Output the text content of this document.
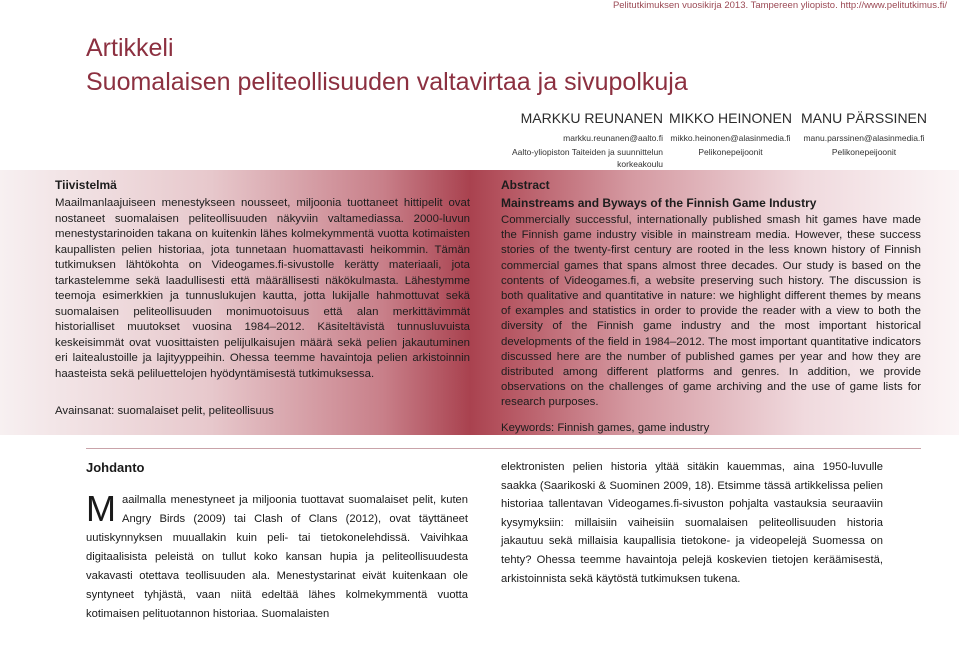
Pelitutkimuksen vuosikirja 2013. Tampereen yliopisto. http://www.pelitutkimus.fi/
Artikkeli
Suomalaisen peliteollisuuden valtavirtaa ja sivupolkuja
MARKKU REUNANEN
markku.reunanen@aalto.fi
Aalto-yliopiston Taiteiden ja suunnittelun korkeakoulu
MIKKO HEINONEN
mikko.heinonen@alasinmedia.fi
Pelikonepeijoonit
MANU PÄRSSINEN
manu.parssinen@alasinmedia.fi
Pelikonepeijoonit
Tiivistelmä
Maailmanlaajuiseen menestykseen nousseet, miljoonia tuottaneet hittipelit ovat nostaneet suomalaisen peliteollisuuden näkyviin valtamediassa. 2000-luvun menestystarinoiden takana on kuitenkin lähes kolmekymmentä vuotta kotimaisten kaupallisten pelien historiaa, jota tunnetaan huomattavasti heikommin. Tämän tutkimuksen lähtökohta on Videogames.fi-sivustolle kerätty materiaali, jota tarkastelemme sekä laadullisesti että määrällisesti näkökulmasta. Lähestymme teemoja esimerkkien ja tunnuslukujen kautta, jotta lukijalle hahmottuvat sekä suomalaisen peliteollisuuden monimuotoisuus että alan merkittävimmät historialliset muutokset vuosina 1984–2012. Käsiteltävistä tunnusluvuista keskeisimmät ovat vuosittaisten pelijulkaisujen määrä sekä pelien jakautuminen eri laitealustoille ja lajityyppeihin. Ohessa teemme havaintoja pelien arkistoinnin haasteista sekä peliluettelojen hyödyntämisestä tutkimuksessa.
Avainsanat: suomalaiset pelit, peliteollisuus
Abstract
Mainstreams and Byways of the Finnish Game Industry
Commercially successful, internationally published smash hit games have made the Finnish game industry visible in mainstream media. However, these success stories of the twenty-first century are rooted in the less known history of Finnish commercial games that spans almost three decades. Our study is based on the contents of Videogames.fi, a website preserving such history. The discussion is both qualitative and quantitative in nature: we highlight different themes by means of examples and statistics in order to provide the reader with a view to both the diversity of the Finnish game industry and the most important historical developments of the field in 1984–2012. The most important quantitative indicators discussed here are the number of published games per year and how they are distributed among different platforms and genres. In addition, we provide observations on the challenges of game archiving and the use of game lists for research purposes.
Keywords: Finnish games, game industry
Johdanto

Maailmalla menestyneet ja miljoonia tuottavat suomalaiset pelit, kuten Angry Birds (2009) tai Clash of Clans (2012), ovat täyttäneet uutiskynnyksen muuallakin kuin peli- tai tietokonelehdissä. Vaivihkaa digitaalisista peleistä on tullut koko kansan hupia ja peliteollisuudesta vakavasti otettava teollisuuden ala. Menestystarinat eivät kuitenkaan ole syntyneet tyhjästä, vaan niitä edeltää lähes kolmekymmentä vuotta kotimaisen pelituotannon historiaa. Suomalaisten

elektronisten pelien historia yltää sitäkin kauemmas, aina 1950-luvulle saakka (Saarikoski & Suominen 2009, 18). Etsimme tässä artikkelissa pelien historiaa tallentavan Videogames.fi-sivuston pohjalta vastauksia seuraaviin kysymyksiin: millaisiin vaiheisiin suomalaisen peliteollisuuden historia jakautuu sekä millaisia kaupallisia tietokone- ja videopelejä Suomessa on tehty? Ohessa teemme havaintoja pelejä koskevien tietojen keräämisestä, arkistoinnista sekä käytöstä tutkimuksen tukena.
